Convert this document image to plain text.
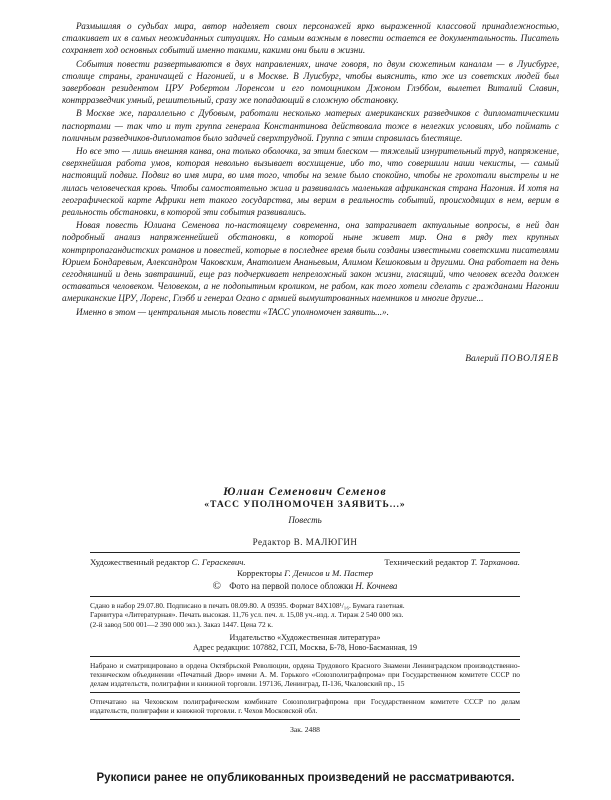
Размышляя о судьбах мира, автор наделяет своих персонажей ярко выраженной классовой принадлежностью, сталкивает их в самых неожиданных ситуациях. Но самым важным в повести остается ее документальность. Писатель сохраняет ход основных событий именно такими, какими они были в жизни.

События повести развертываются в двух направлениях, иначе говоря, по двум сюжетным каналам — в Луисбурге, столице страны, граничащей с Нагонией, и в Москве. В Луисбург, чтобы выяснить, кто же из советских людей был завербован резидентом ЦРУ Робертом Лоренсом и его помощником Джоном Глэббом, вылетел Виталий Славин, контрразведчик умный, решительный, сразу же попадающий в сложную обстановку.

В Москве же, параллельно с Дубовым, работали несколько матерых американских разведчиков с дипломатическими паспортами — так что и тут группа генерала Константинова действовала тоже в нелегких условиях, ибо поймать с поличным разведчиков-дипломатов было задачей сверхтрудной. Группа с этим справилась блестяще.

Но все это — лишь внешняя канва, она только оболочка, за этим блеском — тяжелый изнурительный труд, напряжение, сверхнейшая работа умов, которая невольно вызывает восхищение, ибо то, что совершили наши чекисты, — самый настоящий подвиг. Подвиг во имя мира, во имя того, чтобы на земле было спокойно, чтобы не грохотали выстрелы и не лилась человеческая кровь. Чтобы самостоятельно жила и развивалась маленькая африканская страна Нагония. И хотя на географической карте Африки нет такого государства, мы верим в реальность событий, происходящих в нем, верим в реальность обстановки, в которой эти события развивались.

Новая повесть Юлиана Семенова по-настоящему современна, она затрагивает актуальные вопросы, в ней дан подробный анализ напряженнейшей обстановки, в которой ныне живет мир. Она в ряду тех крупных контрпропагандистских романов и повестей, которые в последнее время были созданы известными советскими писателями Юрием Бондаревым, Александром Чаковским, Анатолием Ананьевым, Алимом Кешоковым и другими. Она работает на день сегодняшний и день завтрашний, еще раз подчеркивает непреложный закон жизни, гласящий, что человек всегда должен оставаться человеком. Человеком, а не подопытным кроликом, не рабом, как того хотели сделать с гражданами Нагонии американские ЦРУ, Лоренс, Глэбб и генерал Огано с армией вымуштрованных наемников и многие другие...

Именно в этом — центральная мысль повести «ТАСС уполномочен заявить...».

Валерий ПОВОЛЯЕВ
Юлиан Семенович Семенов
«ТАСС УПОЛНОМОЧЕН ЗАЯВИТЬ...»
Повесть
Редактор В. МАЛЮГИН
Художественный редактор С. Гераскевич.	Технический редактор Т. Тарханова.
Корректоры Г. Денисов и М. Пастер
© Фото на первой полосе обложки Н. Кочнева
Сдано в набор 29.07.80. Подписано в печать 08.09.80. А 09395. Формат 84Х108¹/₁₆. Бумага газетная.
Гарнитура «Литературная». Печать высокая. 11,76 усл. печ. л. 15,08 уч.-изд. л. Тираж 2 540 000 экз.
(2-й завод 500 001—2 390 000 экз.). Заказ 1447. Цена 72 к.
Издательство «Художественная литература»
Адрес редакции: 107882, ГСП, Москва, Б-78, Ново-Басманная, 19
Набрано и сматрицировано в ордена Октябрьской Революции, ордена Трудового Красного Знамени Ленинградском производственно-техническом объединении «Печатный Двор» имени А. М. Горького «Союзполиграфпрома» при Государственном комитете СССР по делам издательств, полиграфии и книжной торговли. 197136, Ленинград, П-136, Чкаловский пр., 15
Отпечатано на Чеховском полиграфическом комбинате Союзполиграфпрома при Государственном комитете СССР по делам издательств, полиграфии и книжной торговли. г. Чехов Московской обл.
Зак. 2488
Рукописи ранее не опубликованных произведений не рассматриваются.
